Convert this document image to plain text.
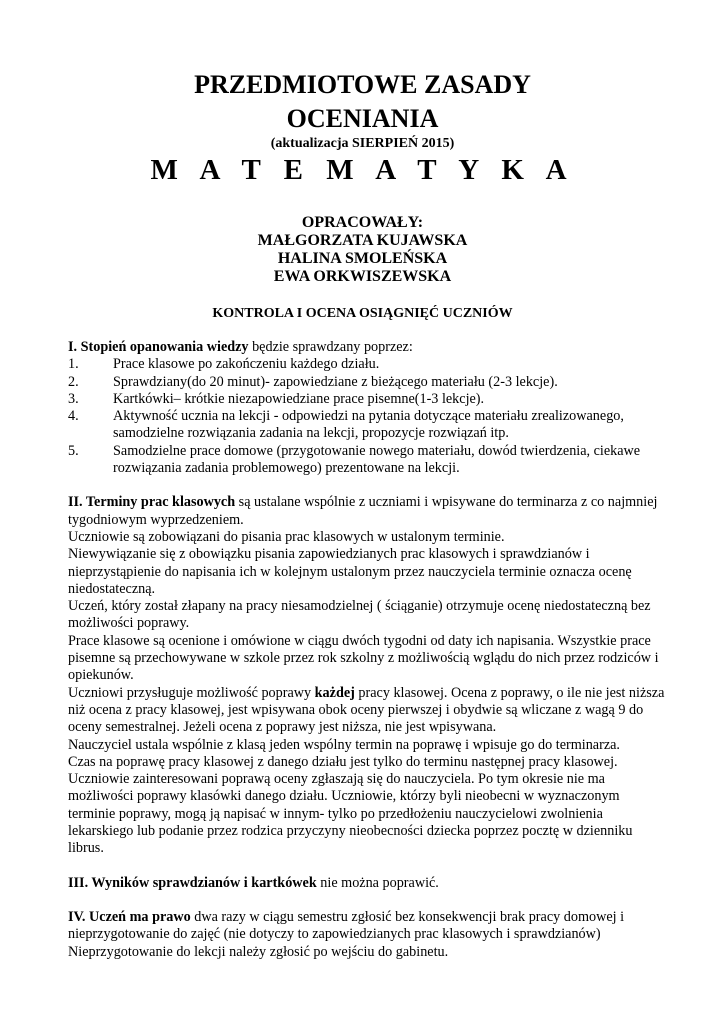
PRZEDMIOTOWE ZASADY
OCENIANIA
(aktualizacja SIERPIEŃ 2015)
M A T E M A T Y K A
OPRACOWAŁY:
MAŁGORZATA KUJAWSKA
HALINA SMOLEŃSKA
EWA ORKWISZEWSKA
KONTROLA I OCENA OSIĄGNIĘĆ UCZNIÓW
I. Stopień opanowania wiedzy będzie sprawdzany poprzez:
1. Prace klasowe po zakończeniu każdego działu.
2. Sprawdziany(do 20 minut)- zapowiedziane z bieżącego materiału (2-3 lekcje).
3. Kartkówki– krótkie niezapowiedziane prace pisemne(1-3 lekcje).
4. Aktywność ucznia na lekcji - odpowiedzi na pytania dotyczące materiału zrealizowanego, samodzielne rozwiązania zadania na lekcji, propozycje rozwiązań itp.
5. Samodzielne prace domowe (przygotowanie nowego materiału, dowód twierdzenia, ciekawe rozwiązania zadania problemowego) prezentowane na lekcji.
II. Terminy prac klasowych są ustalane wspólnie z uczniami i wpisywane do terminarza z co najmniej tygodniowym wyprzedzeniem.
Uczniowie są zobowiązani do pisania prac klasowych w ustalonym terminie.
Niewywiązanie się z obowiązku pisania zapowiedzianych prac klasowych i sprawdzianów i nieprzystąpienie do napisania ich w kolejnym ustalonym przez nauczyciela terminie oznacza ocenę niedostateczną.
Uczeń, który został złapany na pracy niesamodzielnej ( ściąganie) otrzymuje ocenę niedostateczną bez możliwości poprawy.
Prace klasowe są ocenione i omówione w ciągu dwóch tygodni od daty ich napisania. Wszystkie prace pisemne są przechowywane w szkole przez rok szkolny z możliwością wglądu do nich przez rodziców i opiekunów.
Uczniowi przysługuje możliwość poprawy każdej pracy klasowej. Ocena z poprawy, o ile nie jest niższa niż ocena z pracy klasowej, jest wpisywana obok oceny pierwszej i obydwie są wliczane z wagą 9 do oceny semestralnej. Jeżeli ocena z poprawy jest niższa, nie jest wpisywana.
Nauczyciel ustala wspólnie z klasą jeden wspólny termin na poprawę i wpisuje go do terminarza.
Czas na poprawę pracy klasowej z danego działu jest tylko do terminu następnej pracy klasowej.
Uczniowie zainteresowani poprawą oceny zgłaszają się do nauczyciela. Po tym okresie nie ma możliwości poprawy klasówki danego działu. Uczniowie, którzy byli nieobecni w wyznaczonym terminie poprawy, mogą ją napisać w innym- tylko po przedłożeniu nauczycielowi zwolnienia lekarskiego lub podanie przez rodzica przyczyny nieobecności dziecka poprzez pocztę w dzienniku librus.
III. Wyników sprawdzianów i kartkówek nie można poprawić.
IV. Uczeń ma prawo dwa razy w ciągu semestru zgłosić bez konsekwencji brak pracy domowej i nieprzygotowanie do zajęć (nie dotyczy to zapowiedzianych prac klasowych i sprawdzianów)
Nieprzygotowanie do lekcji należy zgłosić po wejściu do gabinetu.
